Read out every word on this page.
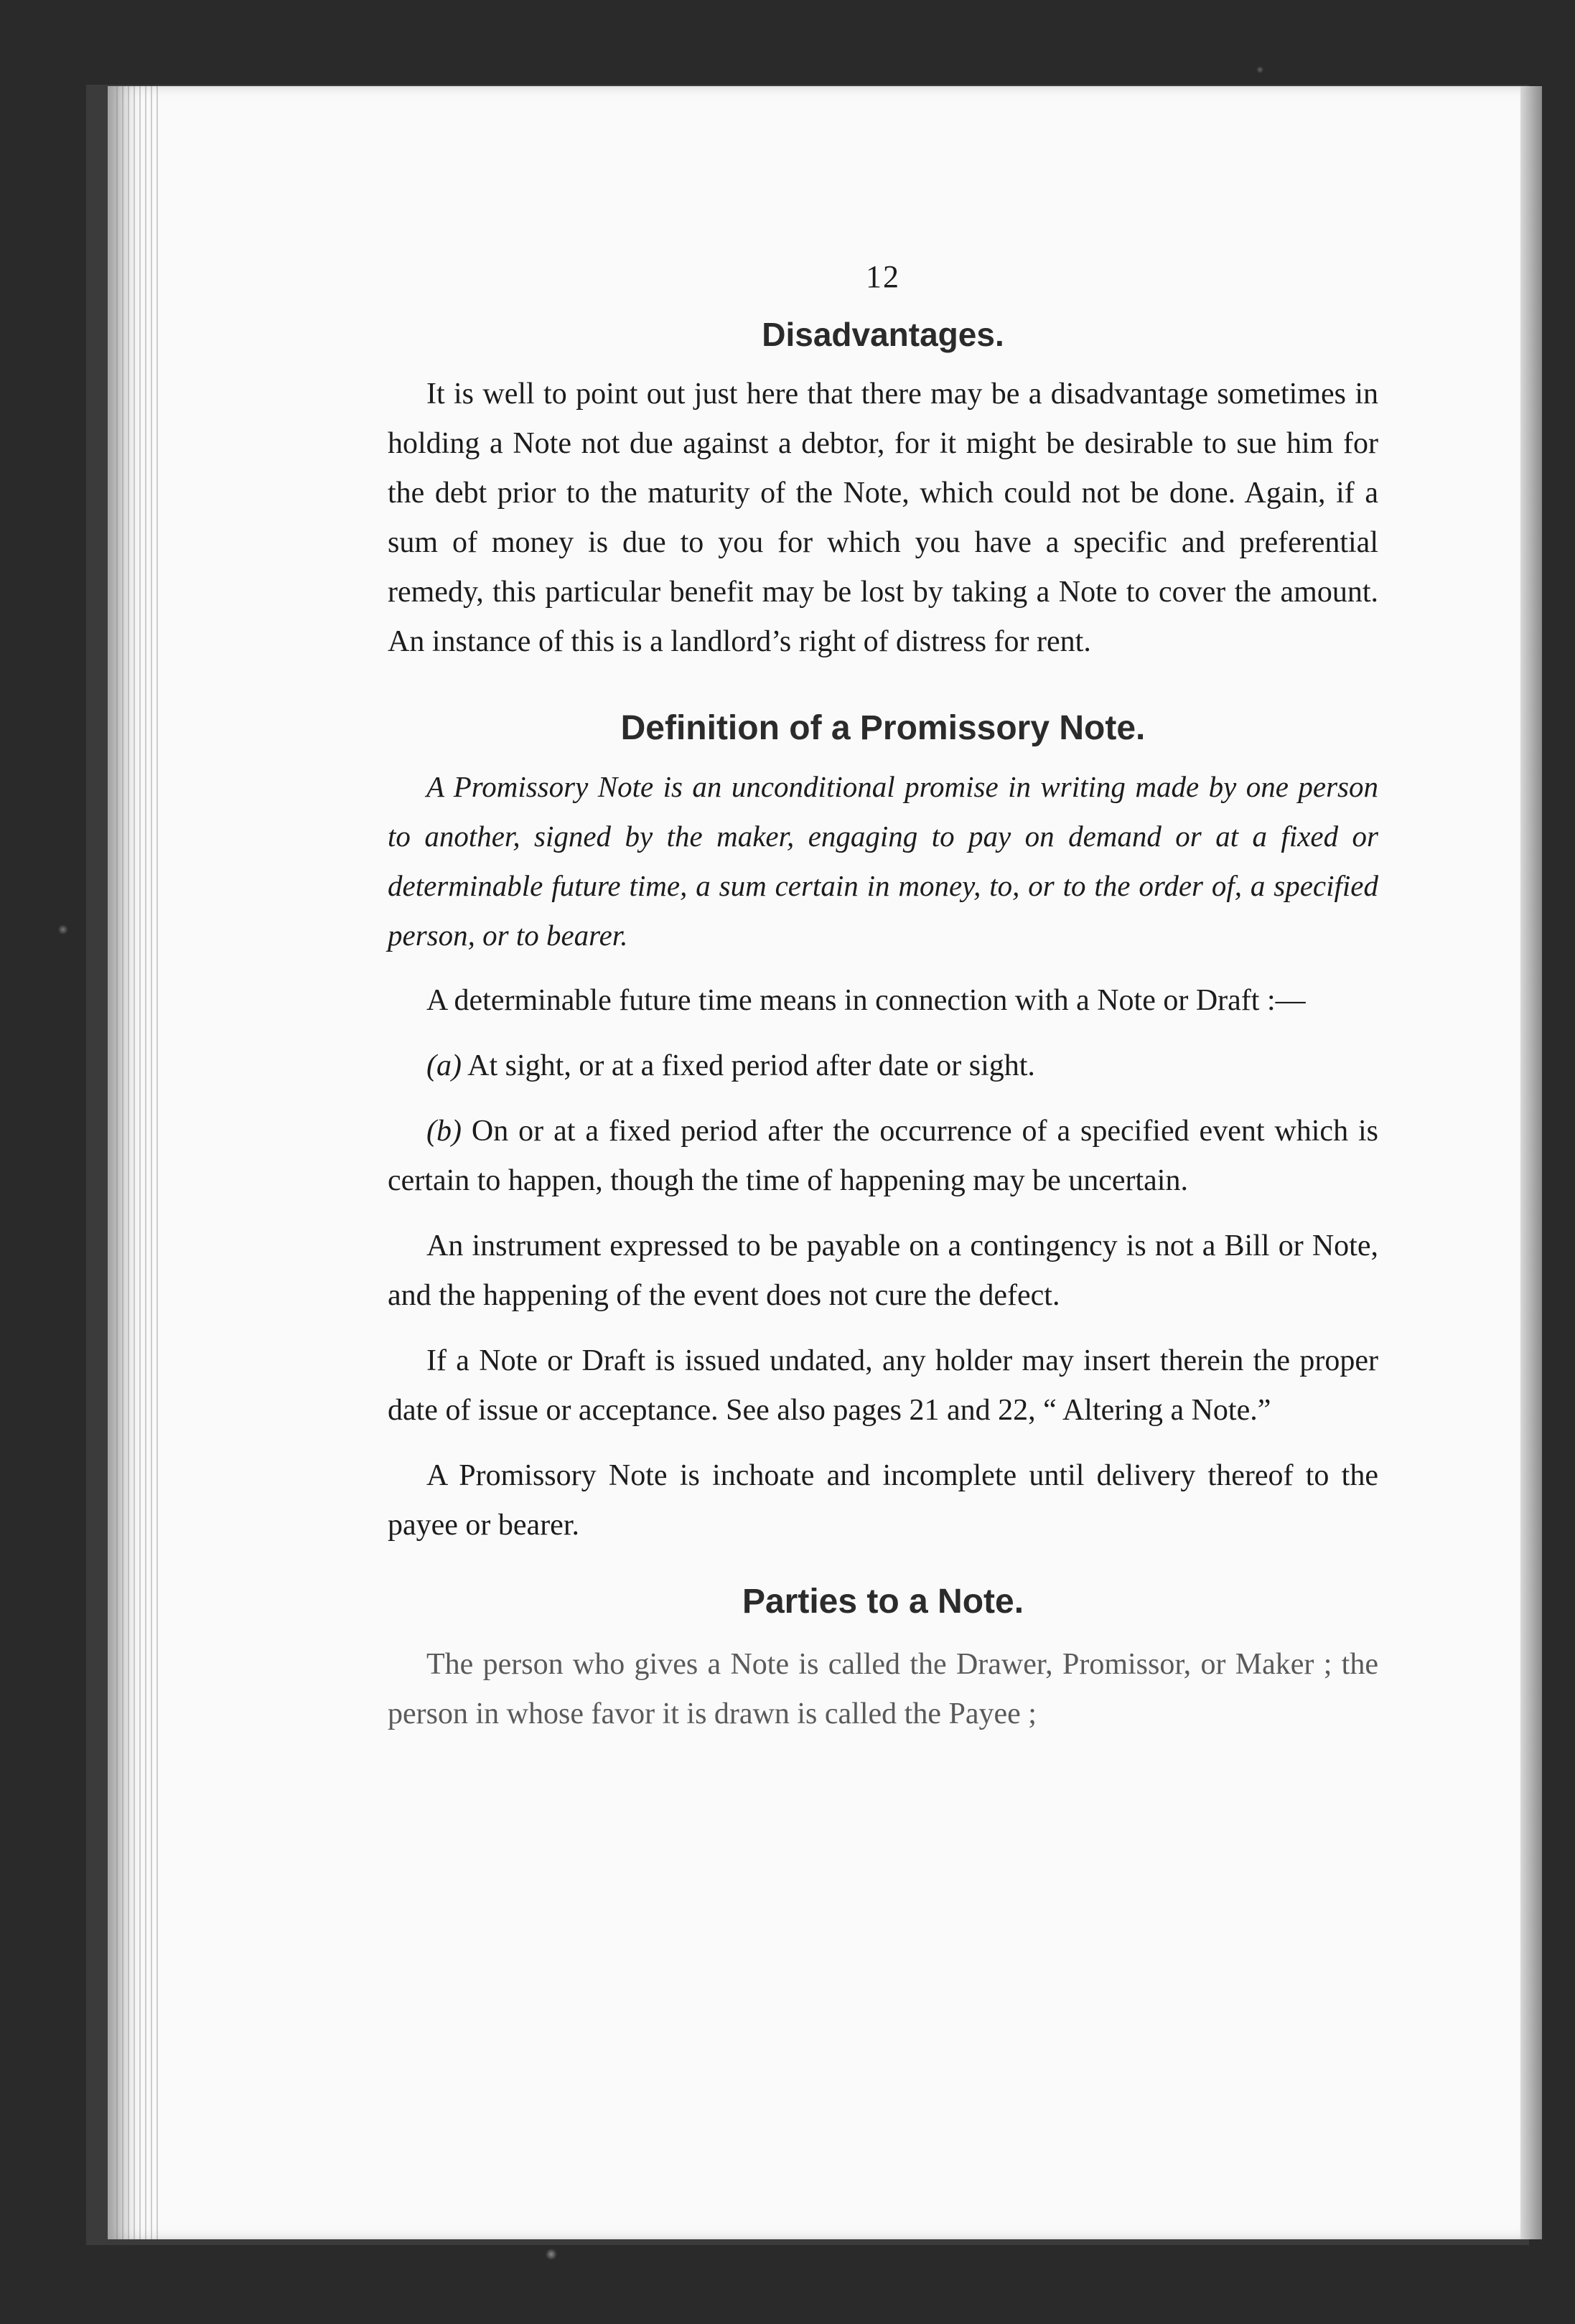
12
Disadvantages.

It is well to point out just here that there may be a disadvantage sometimes in holding a Note not due against a debtor, for it might be desirable to sue him for the debt prior to the maturity of the Note, which could not be done. Again, if a sum of money is due to you for which you have a specific and preferential remedy, this particular benefit may be lost by taking a Note to cover the amount. An instance of this is a landlord’s right of distress for rent.

Definition of a Promissory Note.

A Promissory Note is an unconditional promise in writing made by one person to another, signed by the maker, engaging to pay on demand or at a fixed or determinable future time, a sum certain in money, to, or to the order of, a specified person, or to bearer.

A determinable future time means in connection with a Note or Draft :—

(a) At sight, or at a fixed period after date or sight.

(b) On or at a fixed period after the occurrence of a specified event which is certain to happen, though the time of happening may be uncertain.

An instrument expressed to be payable on a contingency is not a Bill or Note, and the happening of the event does not cure the defect.

If a Note or Draft is issued undated, any holder may insert therein the proper date of issue or acceptance. See also pages 21 and 22, “ Altering a Note.”

A Promissory Note is inchoate and incomplete until delivery thereof to the payee or bearer.

Parties to a Note.

The person who gives a Note is called the Drawer, Promissor, or Maker ; the person in whose favor it is drawn is called the Payee ;
